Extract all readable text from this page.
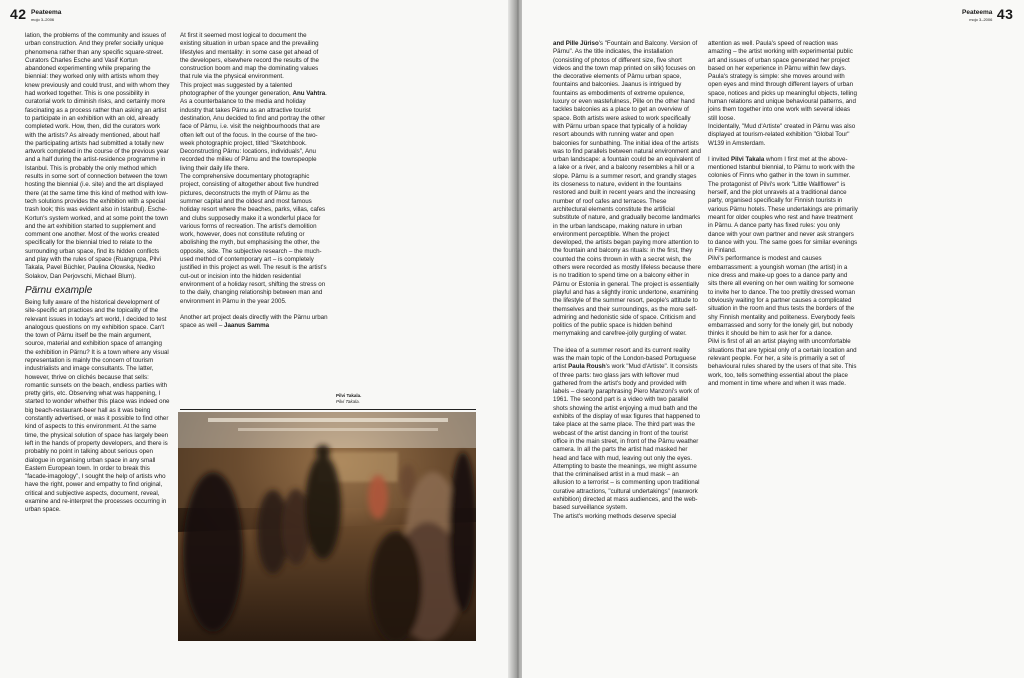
42 Peateema
mojo 3–2006

lation, the problems of the community and issues of urban construction. And they prefer socially unique phenomena rather than any specific square-street.

Curators Charles Esche and Vasif Kortun abandoned experimenting while preparing the biennial: they worked only with artists whom they knew previously and could trust, and with whom they had worked together. This is one possibility in curatorial work to diminish risks, and certainly more fascinating as a process rather than asking an artist to participate in an exhibition with an old, already completed work. How, then, did the curators work with the artists? As already mentioned, about half the participating artists had submitted a totally new artwork completed in the course of the previous year and a half during the artist-residence programme in Istanbul. This is probably the only method which results in some sort of connection between the town hosting the biennial (i.e. site) and the art displayed there (at the same time this kind of method with low-tech solutions provides the exhibition with a special trash look; this was evident also in Istanbul). Esche-Kortun's system worked, and at some point the town and the art exhibition started to supplement and comment one another. Most of the works created specifically for the biennial tried to relate to the surrounding urban space, find its hidden conflicts and play with the rules of space (Ruangrupa, Pilvi Takala, Pavel Büchler, Paulina Olowska, Nedko Solakov, Dan Perjovschi, Michael Blum).

Pärnu example

Being fully aware of the historical development of site-specific art practices and the topicality of the relevant issues in today's art world, I decided to test analogous questions on my exhibition space. Can't the town of Pärnu itself be the main argument, source, material and exhibition space of arranging the exhibition in Pärnu? It is a town where any visual representation is mainly the concern of tourism industrialists and image consultants. The latter, however, thrive on clichés because that sells: romantic sunsets on the beach, endless parties with pretty girls, etc. Observing what was happening, I started to wonder whether this place was indeed one big beach-restaurant-beer hall as it was being constantly advertised, or was it possible to find other kind of aspects to this environment. At the same time, the physical solution of space has largely been left in the hands of property developers, and there is probably no point in talking about serious open dialogue in organising urban space in any small Eastern European town. In order to break this "facade-imagology", I sought the help of artists who have the right, power and empathy to find original, critical and subjective aspects, document, reveal, examine and re-interpret the processes occurring in urban space.

At first it seemed most logical to document the existing situation in urban space and the prevailing lifestyles and mentality: in some case get ahead of the developers, elsewhere record the results of the construction boom and map the dominating values that rule via the physical environment.

This project was suggested by a talented photographer of the younger generation, Anu Vahtra. As a counterbalance to the media and holiday industry that takes Pärnu as an attractive tourist destination, Anu decided to find and portray the other face of Pärnu, i.e. visit the neighbourhoods that are often left out of the focus. In the course of the two-week photographic project, titled "Sketchbook. Deconstructing Pärnu: locations, individuals", Anu recorded the milieu of Pärnu and the townspeople living their daily life there.

The comprehensive documentary photographic project, consisting of altogether about five hundred pictures, deconstructs the myth of Pärnu as the summer capital and the oldest and most famous holiday resort where the beaches, parks, villas, cafes and clubs supposedly make it a wonderful place for various forms of recreation. The artist's demolition work, however, does not constitute refuting or abolishing the myth, but emphasising the other, the opposite, side. The subjective research – the much-used method of contemporary art – is completely justified in this project as well. The result is the artist's cut-out or incision into the hidden residential environment of a holiday resort, shifting the stress on to the daily, changing relationship between man and environment in Pärnu in the year 2005.

Another art project deals directly with the Pärnu urban space as well – Jaanus Samma

Pilvi Takala.
Pilvi Takala.
Peateema
mojo 3–2006 43

and Pille Jüriso's "Fountain and Balcony. Version of Pärnu". As the title indicates, the installation (consisting of photos of different size, five short videos and the town map printed on silk) focuses on the decorative elements of Pärnu urban space, fountains and balconies. Jaanus is intrigued by fountains as embodiments of extreme opulence, luxury or even wastefulness, Pille on the other hand tackles balconies as a place to get an overview of space. Both artists were asked to work specifically with Pärnu urban space that typically of a holiday resort abounds with running water and open balconies for sunbathing. The initial idea of the artists was to find parallels between natural environment and urban landscape: a fountain could be an equivalent of a lake or a river, and a balcony resembles a hill or a slope. Pärnu is a summer resort, and grandly stages its closeness to nature, evident in the fountains restored and built in recent years and the increasing number of roof cafes and terraces. These architectural elements constitute the artificial substitute of nature, and gradually become landmarks in the urban landscape, making nature in urban environment perceptible. When the project developed, the artists began paying more attention to the fountain and balcony as rituals: in the first, they counted the coins thrown in with a secret wish, the others were recorded as mostly lifeless because there is no tradition to spend time on a balcony either in Pärnu or Estonia in general. The project is essentially playful and has a slightly ironic undertone, examining the lifestyle of the summer resort, people's attitude to themselves and their surroundings, as the more self-admiring and hedonistic side of space. Criticism and politics of the public space is hidden behind merrymaking and carefree-jolly gurgling of water.

The idea of a summer resort and its current reality was the main topic of the London-based Portuguese artist Paula Roush's work "Mud d'Artiste". It consists of three parts: two glass jars with leftover mud gathered from the artist's body and provided with labels – clearly paraphrasing Piero Manzoni's work of 1961. The second part is a video with two parallel shots showing the artist enjoying a mud bath and the exhibits of the display of wax figures that happened to take place at the same place. The third part was the webcast of the artist dancing in front of the tourist office in the main street, in front of the Pärnu weather camera. In all the parts the artist had masked her head and face with mud, leaving out only the eyes. Attempting to baste the meanings, we might assume that the criminalised artist in a mud mask – an allusion to a terrorist – is commenting upon traditional curative attractions, "cultural undertakings" (waxwork exhibition) directed at mass audiences, and the web-based surveillance system.

The artist's working methods deserve special

attention as well. Paula's speed of reaction was amazing – the artist working with experimental public art and issues of urban space generated her project based on her experience in Pärnu within few days. Paula's strategy is simple: she moves around with open eyes and mind through different layers of urban space, notices and picks up meaningful objects, telling human relations and unique behavioural patterns, and joins them together into one work with several ideas still loose.

Incidentally, "Mud d'Artiste" created in Pärnu was also displayed at tourism-related exhibition "Global Tour" W139 in Amsterdam.

I invited Pilvi Takala whom I first met at the above-mentioned Istanbul biennial, to Pärnu to work with the colonies of Finns who gather in the town in summer. The protagonist of Pilvi's work "Little Wallflower" is herself, and the plot unravels at a traditional dance party, organised specifically for Finnish tourists in various Pärnu hotels. These undertakings are primarily meant for older couples who rest and have treatment in Pärnu. A dance party has fixed rules: you only dance with your own partner and never ask strangers to dance with you. The same goes for similar evenings in Finland.

Pilvi's performance is modest and causes embarrassment: a youngish woman (the artist) in a nice dress and make-up goes to a dance party and sits there all evening on her own waiting for someone to invite her to dance. The too prettily dressed woman obviously waiting for a partner causes a complicated situation in the room and thus tests the borders of the shy Finnish mentality and politeness. Everybody feels embarrassed and sorry for the lonely girl, but nobody thinks it should be him to ask her for a dance.

Pilvi is first of all an artist playing with uncomfortable situations that are typical only of a certain location and relevant people. For her, a site is primarily a set of behavioural rules shared by the users of that site. This work, too, tells something essential about the place and moment in time where and when it was made.
